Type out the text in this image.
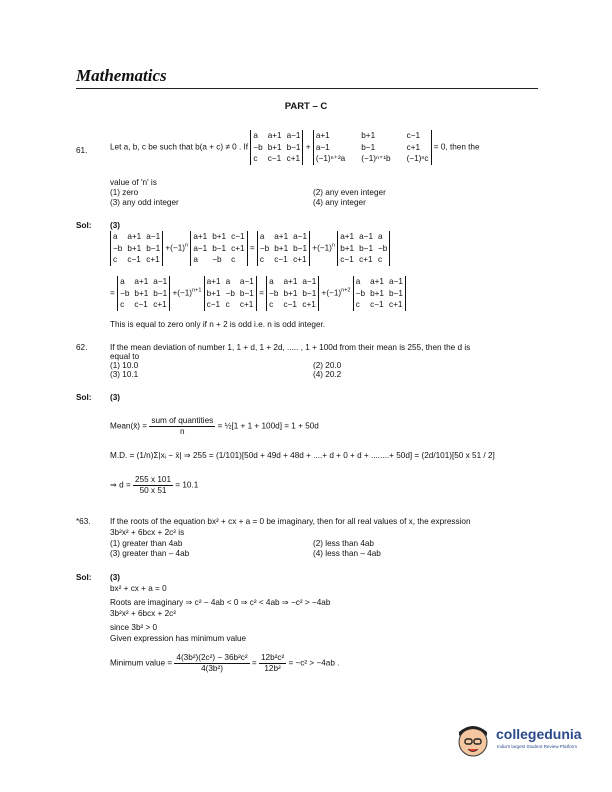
Mathematics
PART – C
61.	Let a, b, c be such that b(a + c) ≠ 0 . If
a	a+1 a−1
−b b+1 b−1
c	c−1 c+1
+
a+1	b+1	c−1
a−1	b−1	c+1
(−1)ⁿ⁺²a (−1)ⁿ⁺¹b (−1)ⁿc
= 0, then the
value of 'n' is
(1) zero	(2) any even integer
(3) any odd integer	(4) any integer
Sol: (3)
a	a+1 a−1
−b b+1 b−1
c	c−1 c+1
$+(-1)^n$
a+1 b+1 c−1
a−1 b−1 c+1
a	−b	c
=
a	a+1 a−1
−b b+1 b−1
c	c−1 c+1
$+(-1)^n$
a+1 a−1 a
b+1 b−1 −b
c−1 c+1 c
=
a	a+1 a−1
−b b+1 b−1
c	c−1 c+1
$+(-1)^{n+1}$
a+1 a	a−1
b+1 −b b−1
c−1 c	c+1
=
a	a+1 a−1
−b b+1 b−1
c	c−1 c+1
$+(-1)^{n+2}$
a	a+1 a−1
−b b+1 b−1
c	c−1 c+1
This is equal to zero only if n + 2 is odd i.e. n is odd integer.
62.	If the mean deviation of number 1, 1 + d, 1 + 2d, ..... , 1 + 100d from their mean is 255, then the d is
equal to
(1) 10.0	(2) 20.0
(3) 10.1	(4) 20.2
Sol: (3)
Mean(x̄) = $\frac{\text{sum of quantities}}{n}$ = ½[1 + 1 + 100d] = 1 + 50d
M.D. = (1/n)Σ|xᵢ − x̄| ⇒ 255 = (1/101)[50d + 49d + 48d + ....+ d + 0 + d + ........+ 50d] = (2d/101)[50 x 51 / 2]
⇒ $d = \frac{255 x 101}{50 x 51} = 10.1$
*63. If the roots of the equation bx² + cx + a = 0 be imaginary, then for all real values of x, the expression
3b²x² + 6bcx + 2c² is
(1) greater than 4ab	(2) less than 4ab
(3) greater than – 4ab	(4) less than – 4ab
Sol: (3)
bx² + cx + a = 0
Roots are imaginary ⇒ c² − 4ab < 0 ⇒ c² < 4ab ⇒ −c² > −4ab
3b²x² + 6bcx + 2c²
since 3b² > 0
Given expression has minimum value
Minimum value = $\frac{\text{4(3b²)(2c²) − 36b²c²}}{\text{4(3b²)}} = \frac{\text{12b²c²}}{\text{12b²}} = -c^2 > -4ab$ .
collegedunia
India's largest Student Review Platform
